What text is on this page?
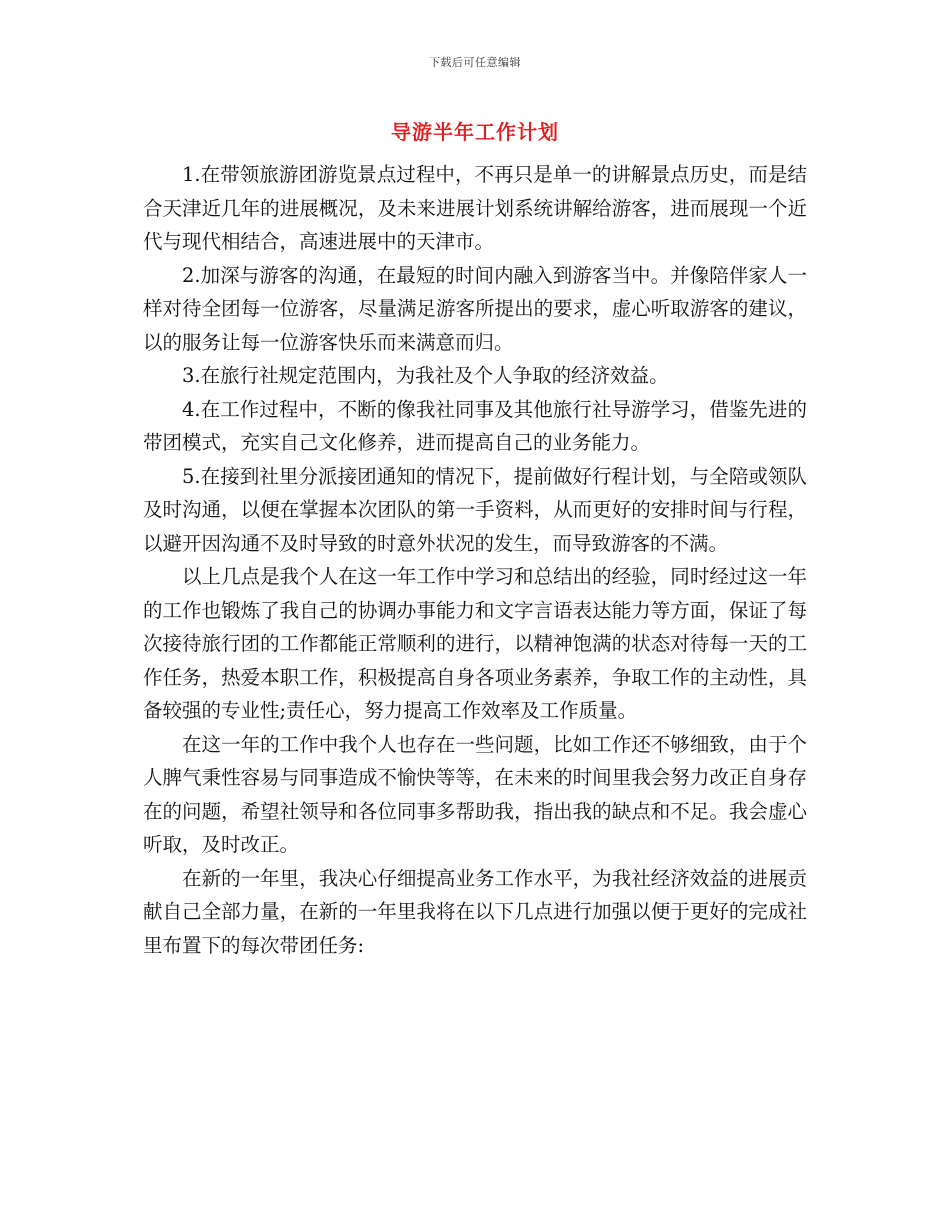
下载后可任意编辑
导游半年工作计划

1.在带领旅游团游览景点过程中，不再只是单一的讲解景点历史，而是结合天津近几年的进展概况，及未来进展计划系统讲解给游客，进而展现一个近代与现代相结合，高速进展中的天津市。

2.加深与游客的沟通，在最短的时间内融入到游客当中。并像陪伴家人一样对待全团每一位游客，尽量满足游客所提出的要求，虚心听取游客的建议，以的服务让每一位游客快乐而来满意而归。

3.在旅行社规定范围内，为我社及个人争取的经济效益。

4.在工作过程中，不断的像我社同事及其他旅行社导游学习，借鉴先进的带团模式，充实自己文化修养，进而提高自己的业务能力。

5.在接到社里分派接团通知的情况下，提前做好行程计划，与全陪或领队及时沟通，以便在掌握本次团队的第一手资料，从而更好的安排时间与行程，以避开因沟通不及时导致的时意外状况的发生，而导致游客的不满。

以上几点是我个人在这一年工作中学习和总结出的经验，同时经过这一年的工作也锻炼了我自己的协调办事能力和文字言语表达能力等方面，保证了每次接待旅行团的工作都能正常顺利的进行，以精神饱满的状态对待每一天的工作任务，热爱本职工作，积极提高自身各项业务素养，争取工作的主动性，具备较强的专业性;责任心，努力提高工作效率及工作质量。

在这一年的工作中我个人也存在一些问题，比如工作还不够细致，由于个人脾气秉性容易与同事造成不愉快等等，在未来的时间里我会努力改正自身存在的问题，希望社领导和各位同事多帮助我，指出我的缺点和不足。我会虚心听取，及时改正。

在新的一年里，我决心仔细提高业务工作水平，为我社经济效益的进展贡献自己全部力量，在新的一年里我将在以下几点进行加强以便于更好的完成社里布置下的每次带团任务:
